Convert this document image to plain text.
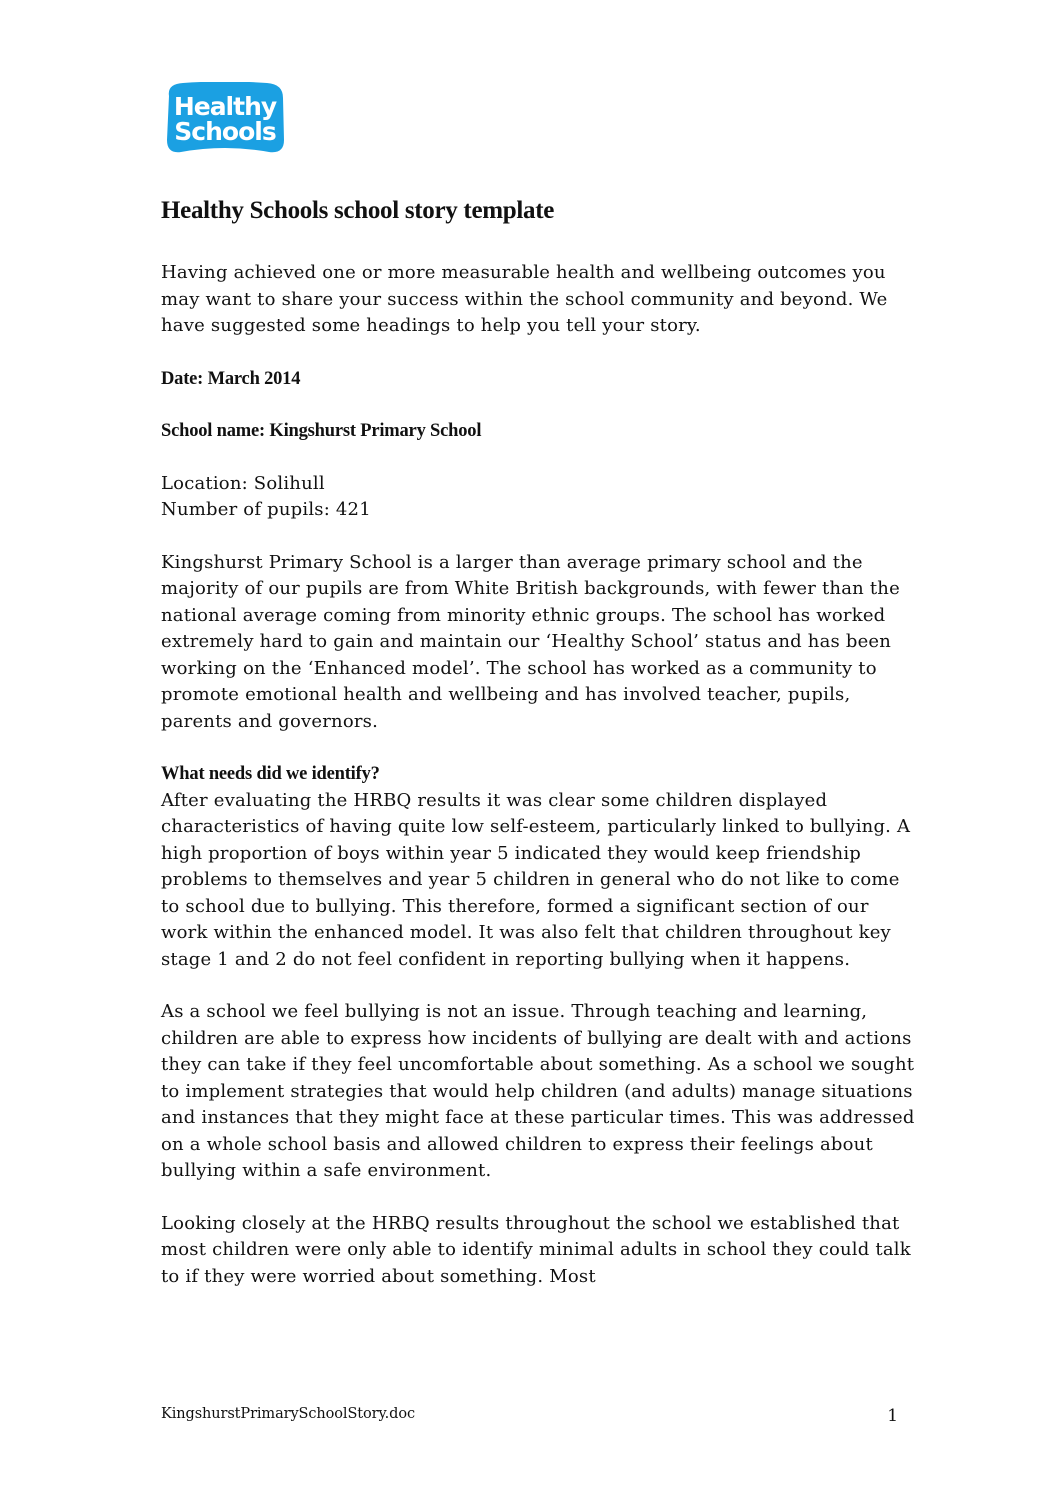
Healthy
Schools
Healthy Schools school story template

Having achieved one or more measurable health and wellbeing outcomes you may want to share your success within the school community and beyond. We have suggested some headings to help you tell your story.

Date: March 2014

School name: Kingshurst Primary School

Location: Solihull

Number of pupils: 421

Kingshurst Primary School is a larger than average primary school and the majority of our pupils are from White British backgrounds, with fewer than the national average coming from minority ethnic groups. The school has worked extremely hard to gain and maintain our ‘Healthy School’ status and has been working on the ‘Enhanced model’. The school has worked as a community to promote emotional health and wellbeing and has involved teacher, pupils, parents and governors.

What needs did we identify?

After evaluating the HRBQ results it was clear some children displayed characteristics of having quite low self-esteem, particularly linked to bullying. A high proportion of boys within year 5 indicated they would keep friendship problems to themselves and year 5 children in general who do not like to come to school due to bullying. This therefore, formed a significant section of our work within the enhanced model. It was also felt that children throughout key stage 1 and 2 do not feel confident in reporting bullying when it happens.

As a school we feel bullying is not an issue. Through teaching and learning, children are able to express how incidents of bullying are dealt with and actions they can take if they feel uncomfortable about something. As a school we sought to implement strategies that would help children (and adults) manage situations and instances that they might face at these particular times. This was addressed on a whole school basis and allowed children to express their feelings about bullying within a safe environment.

Looking closely at the HRBQ results throughout the school we established that most children were only able to identify minimal adults in school they could talk to if they were worried about something. Most

KingshurstPrimarySchoolStory.doc	1
